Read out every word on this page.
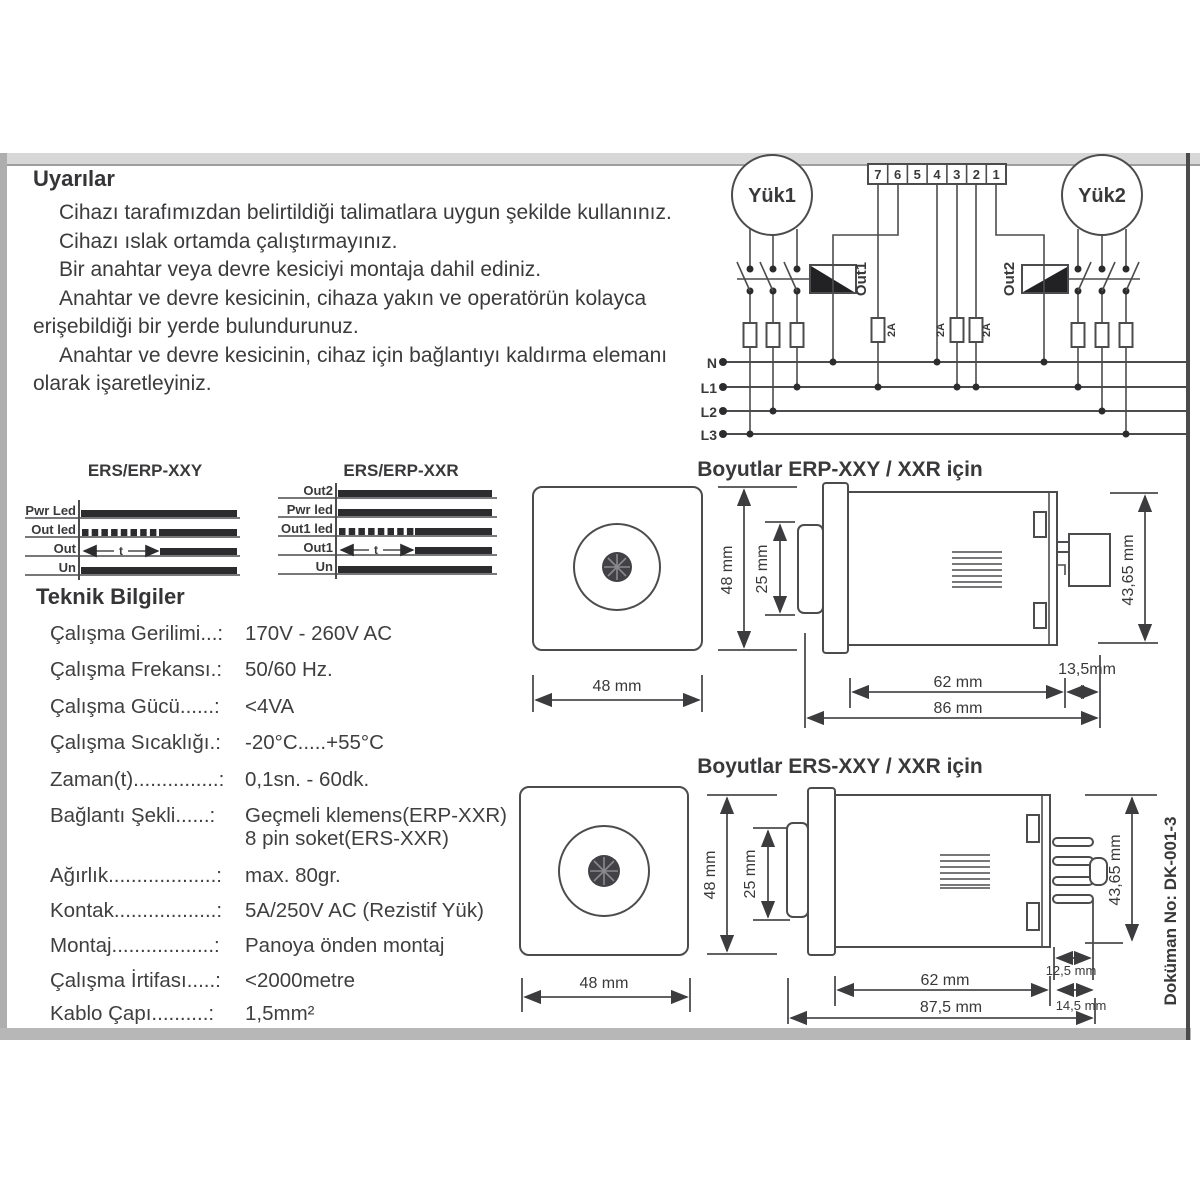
Uyarılar

Cihazı tarafımızdan belirtildiği talimatlara uygun şekilde kullanınız.

Cihazı ıslak ortamda çalıştırmayınız.

Bir anahtar veya devre kesiciyi montaja dahil ediniz.

Anahtar ve devre kesicinin, cihaza yakın ve operatörün kolayca erişebildiği bir yerde bulundurunuz.

Anahtar ve devre kesicinin, cihaz için bağlantıyı kaldırma elemanı olarak işaretleyiniz.

N
L1
L2
L3
2A	2A	2A
Out1	Out2
7 6 5 4 3 2 1
Yük1	Yük2
ERS/ERP-XXY	ERS/ERP-XXR
Pwr Led
Out led
Out
Un
t
Out2
Pwr led
Out1 led
Out1
Un
t
Teknik Bilgiler
Çalışma Gerilimi...: 170V - 260V AC
Çalışma Frekansı.: 50/60 Hz.
Çalışma Gücü......: <4VA
Çalışma Sıcaklığı.: -20°C.....+55°C
Zaman(t)...............: 0,1sn. - 60dk.
Bağlantı Şekli......: Geçmeli klemens(ERP-XXR)
8 pin soket(ERS-XXR)
Ağırlık...................: max. 80gr.
Kontak..................: 5A/250V AC (Rezistif Yük)
Montaj..................: Panoya önden montaj
Çalışma İrtifası.....: <2000metre
Kablo Çapı..........: 1,5mm²
Boyutlar ERP-XXY / XXR için
48 mm
48 mm 25 mm	43,65 mm
13,5mm
62 mm
86 mm
Boyutlar ERS-XXY / XXR için
48 mm
48 mm 25 mm	43,65 mm
12,5 mm
62 mm
14,5 mm
87,5 mm
Doküman No: DK-001-3
